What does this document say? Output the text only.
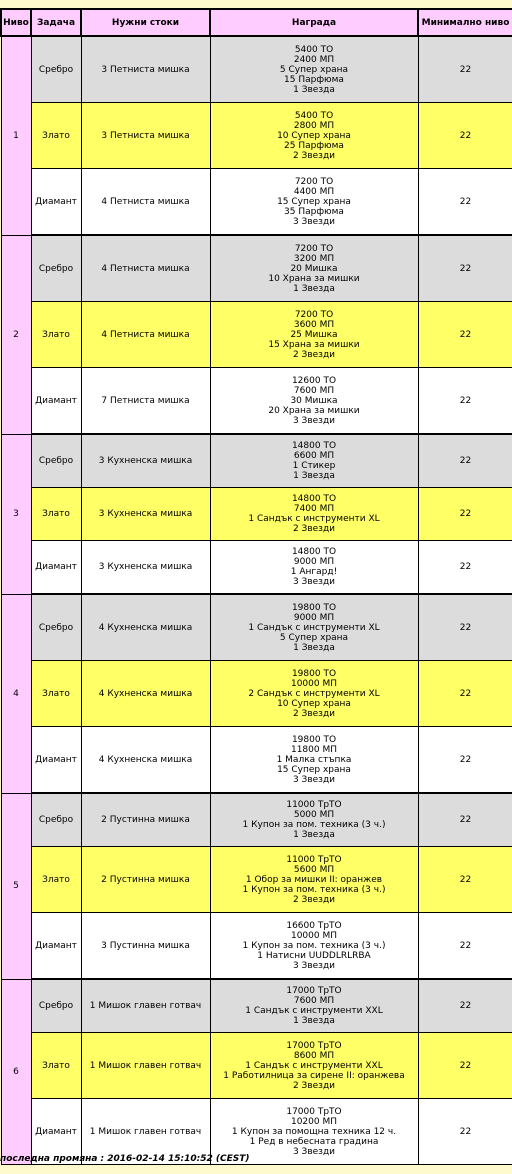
Ниво	Задача	Нужни стоки	Награда	Минимално ниво
1	Сребро	3 Петниста мишка	5400 ТО
2400 МП
5 Супер храна
15 Парфюма
1 Звезда	22
	Злато	3 Петниста мишка	5400 ТО
2800 МП
10 Супер храна
25 Парфюма
2 Звезди	22
	Диамант	4 Петниста мишка	7200 ТО
4400 МП
15 Супер храна
35 Парфюма
3 Звезди	22
2	Сребро	4 Петниста мишка	7200 ТО
3200 МП
20 Мишка
10 Храна за мишки
1 Звезда	22
	Злато	4 Петниста мишка	7200 ТО
3600 МП
25 Мишка
15 Храна за мишки
2 Звезди	22
	Диамант	7 Петниста мишка	12600 ТО
7600 МП
30 Мишка
20 Храна за мишки
3 Звезди	22
3	Сребро	3 Кухненска мишка	14800 ТО
6600 МП
1 Стикер
1 Звезда	22
	Злато	3 Кухненска мишка	14800 ТО
7400 МП
1 Сандък с инструменти XL
2 Звезди	22
	Диамант	3 Кухненска мишка	14800 ТО
9000 МП
1 Ангард!
3 Звезди	22
4	Сребро	4 Кухненска мишка	19800 ТО
9000 МП
1 Сандък с инструменти XL
5 Супер храна
1 Звезда	22
	Злато	4 Кухненска мишка	19800 ТО
10000 МП
2 Сандък с инструменти XL
10 Супер храна
2 Звезди	22
	Диамант	4 Кухненска мишка	19800 ТО
11800 МП
1 Малка стъпка
15 Супер храна
3 Звезди	22
5	Сребро	2 Пустинна мишка	11000 ТрТО
5000 МП
1 Купон за пом. техника (3 ч.)
1 Звезда	22
	Злато	2 Пустинна мишка	11000 ТрТО
5600 МП
1 Обор за мишки II: оранжев
1 Купон за пом. техника (3 ч.)
2 Звезди	22
	Диамант	3 Пустинна мишка	16600 ТрТО
10000 МП
1 Купон за пом. техника (3 ч.)
1 Натисни UUDDLRLRBA
3 Звезди	22
6	Сребро	1 Мишок главен готвач	17000 ТрТО
7600 МП
1 Сандък с инструменти XXL
1 Звезда	22
	Злато	1 Мишок главен готвач	17000 ТрТО
8600 МП
1 Сандък с инструменти XXL
1 Работилница за сирене II: оранжева
2 Звезди	22
	Диамант	1 Мишок главен готвач	17000 ТрТО
10200 МП
1 Купон за помощна техника 12 ч.
1 Ред в небесната градина
3 Звезди	22
последна промяна : 2016-02-14 15:10:52 (CEST)
